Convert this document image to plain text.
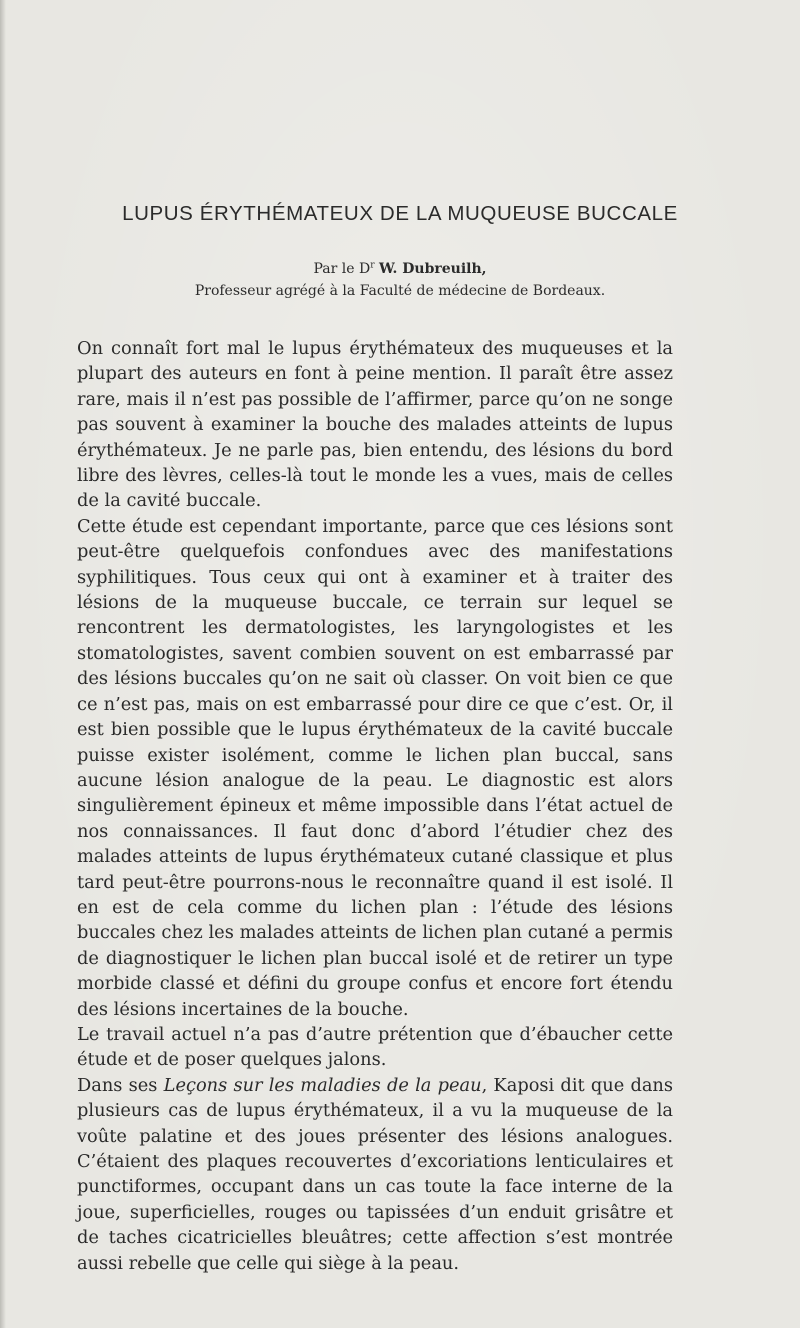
LUPUS ÉRYTHÉMATEUX DE LA MUQUEUSE BUCCALE
Par le $D^r$ W. Dubreuilh,
Professeur agrégé à la Faculté de médecine de Bordeaux.

On connaît fort mal le lupus érythémateux des muqueuses et la plupart des auteurs en font à peine mention. Il paraît être assez rare, mais il n’est pas possible de l’affirmer, parce qu’on ne songe pas souvent à examiner la bouche des malades atteints de lupus érythémateux. Je ne parle pas, bien entendu, des lésions du bord libre des lèvres, celles-là tout le monde les a vues, mais de celles de la cavité buccale.

Cette étude est cependant importante, parce que ces lésions sont peut-être quelquefois confondues avec des manifestations syphilitiques. Tous ceux qui ont à examiner et à traiter des lésions de la muqueuse buccale, ce terrain sur lequel se rencontrent les dermatologistes, les laryngologistes et les stomatologistes, savent combien souvent on est embarrassé par des lésions buccales qu’on ne sait où classer. On voit bien ce que ce n’est pas, mais on est embarrassé pour dire ce que c’est. Or, il est bien possible que le lupus érythémateux de la cavité buccale puisse exister isolément, comme le lichen plan buccal, sans aucune lésion analogue de la peau. Le diagnostic est alors singulièrement épineux et même impossible dans l’état actuel de nos connaissances. Il faut donc d’abord l’étudier chez des malades atteints de lupus érythémateux cutané classique et plus tard peut-être pourrons-nous le reconnaître quand il est isolé. Il en est de cela comme du lichen plan : l’étude des lésions buccales chez les malades atteints de lichen plan cutané a permis de diagnostiquer le lichen plan buccal isolé et de retirer un type morbide classé et défini du groupe confus et encore fort étendu des lésions incertaines de la bouche.

Le travail actuel n’a pas d’autre prétention que d’ébaucher cette étude et de poser quelques jalons.

Dans ses Leçons sur les maladies de la peau, Kaposi dit que dans plusieurs cas de lupus érythémateux, il a vu la muqueuse de la voûte palatine et des joues présenter des lésions analogues. C’étaient des plaques recouvertes d’excoriations lenticulaires et punctiformes, occupant dans un cas toute la face interne de la joue, superficielles, rouges ou tapissées d’un enduit grisâtre et de taches cicatricielles bleuâtres; cette affection s’est montrée aussi rebelle que celle qui siège à la peau.
